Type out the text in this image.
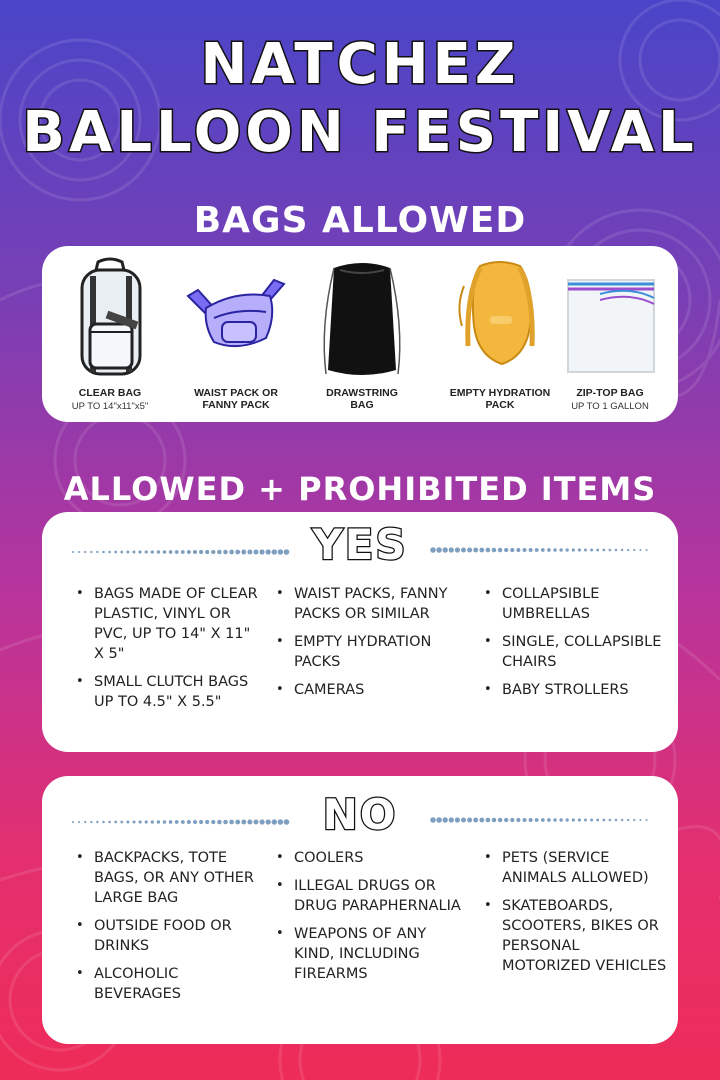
NATCHEZ
BALLOON FESTIVAL
BAGS ALLOWED
CLEAR BAG
UP TO 14"x11"x5"
WAIST PACK OR
FANNY PACK
DRAWSTRING
BAG
EMPTY HYDRATION
PACK
ZIP-TOP BAG
UP TO 1 GALLON
ALLOWED + PROHIBITED ITEMS
YES
• BAGS MADE OF CLEAR PLASTIC, VINYL OR PVC, UP TO 14" X 11" X 5"
• SMALL CLUTCH BAGS UP TO 4.5" X 5.5"
• WAIST PACKS, FANNY PACKS OR SIMILAR
• EMPTY HYDRATION PACKS
• CAMERAS
• COLLAPSIBLE UMBRELLAS
• SINGLE, COLLAPSIBLE CHAIRS
• BABY STROLLERS
NO
• BACKPACKS, TOTE BAGS, OR ANY OTHER LARGE BAG
• OUTSIDE FOOD OR DRINKS
• ALCOHOLIC BEVERAGES
• COOLERS
• ILLEGAL DRUGS OR DRUG PARAPHERNALIA
• WEAPONS OF ANY KIND, INCLUDING FIREARMS
• PETS (SERVICE ANIMALS ALLOWED)
• SKATEBOARDS, SCOOTERS, BIKES OR PERSONAL MOTORIZED VEHICLES
